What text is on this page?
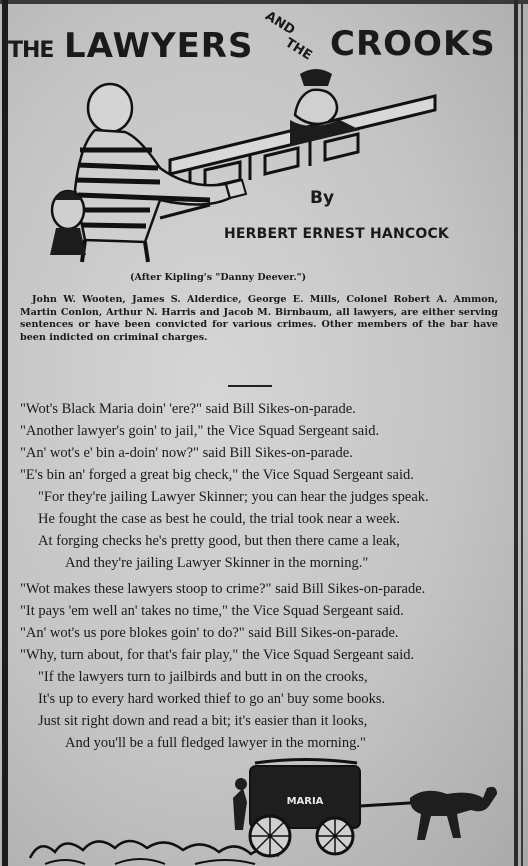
THE LAWYERS
AND
THE CROOKS
By
HERBERT ERNEST HANCOCK
(After Kipling's "Danny Deever.")
John W. Wooten, James S. Alderdice, George E. Mills, Colonel Robert A. Ammon, Martin Conlon, Arthur N. Harris and Jacob M. Birnbaum, all lawyers, are either serving sentences or have been convicted for various crimes. Other members of the bar have been indicted on criminal charges.
"Wot's Black Maria doin' 'ere?" said Bill Sikes-on-parade.
"Another lawyer's goin' to jail," the Vice Squad Sergeant said.
"An' wot's e' bin a-doin' now?" said Bill Sikes-on-parade.
"E's bin an' forged a great big check," the Vice Squad Sergeant said.
"For they're jailing Lawyer Skinner; you can hear the judges speak.
He fought the case as best he could, the trial took near a week.
At forging checks he's pretty good, but then there came a leak,
And they're jailing Lawyer Skinner in the morning."
"Wot makes these lawyers stoop to crime?" said Bill Sikes-on-parade.
"It pays 'em well an' takes no time," the Vice Squad Sergeant said.
"An' wot's us pore blokes goin' to do?" said Bill Sikes-on-parade.
"Why, turn about, for that's fair play," the Vice Squad Sergeant said.
"If the lawyers turn to jailbirds and butt in on the crooks,
It's up to every hard worked thief to go an' buy some books.
Just sit right down and read a bit; it's easier than it looks,
And you'll be a full fledged lawyer in the morning."
MARIA
